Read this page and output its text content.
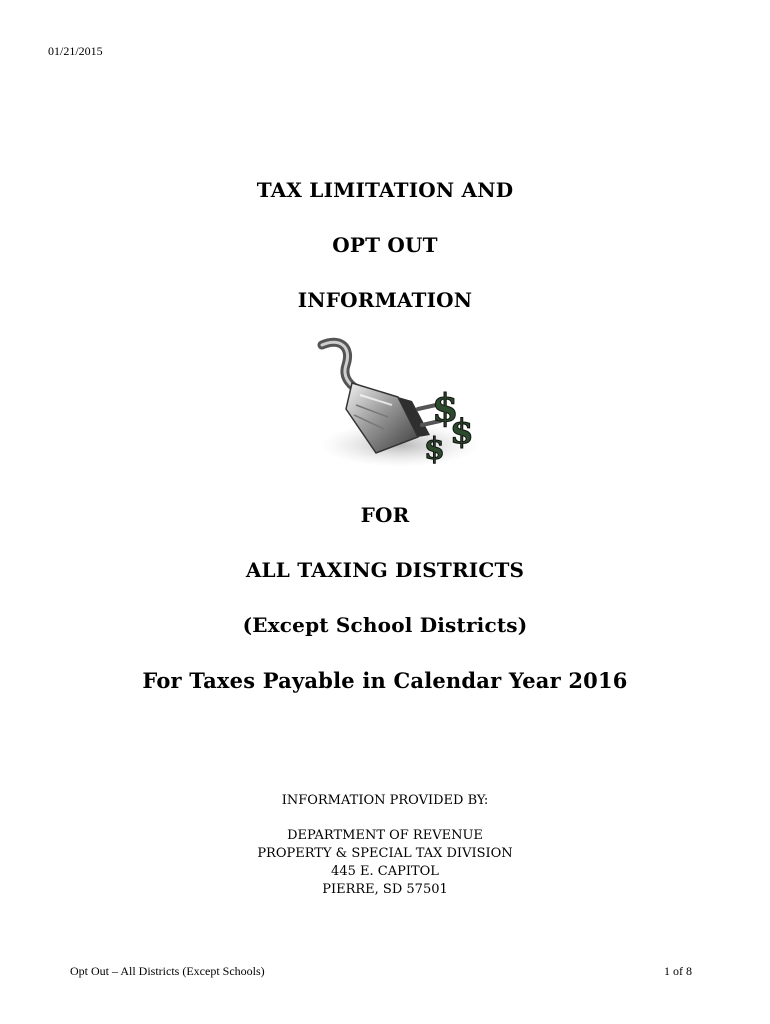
01/21/2015
TAX LIMITATION AND
OPT OUT
INFORMATION
$
$
$
FOR
ALL TAXING DISTRICTS
(Except School Districts)
For Taxes Payable in Calendar Year 2016
INFORMATION PROVIDED BY:
DEPARTMENT OF REVENUE
PROPERTY & SPECIAL TAX DIVISION
445 E. CAPITOL
PIERRE, SD 57501
Opt Out – All Districts (Except Schools)	1 of 8
